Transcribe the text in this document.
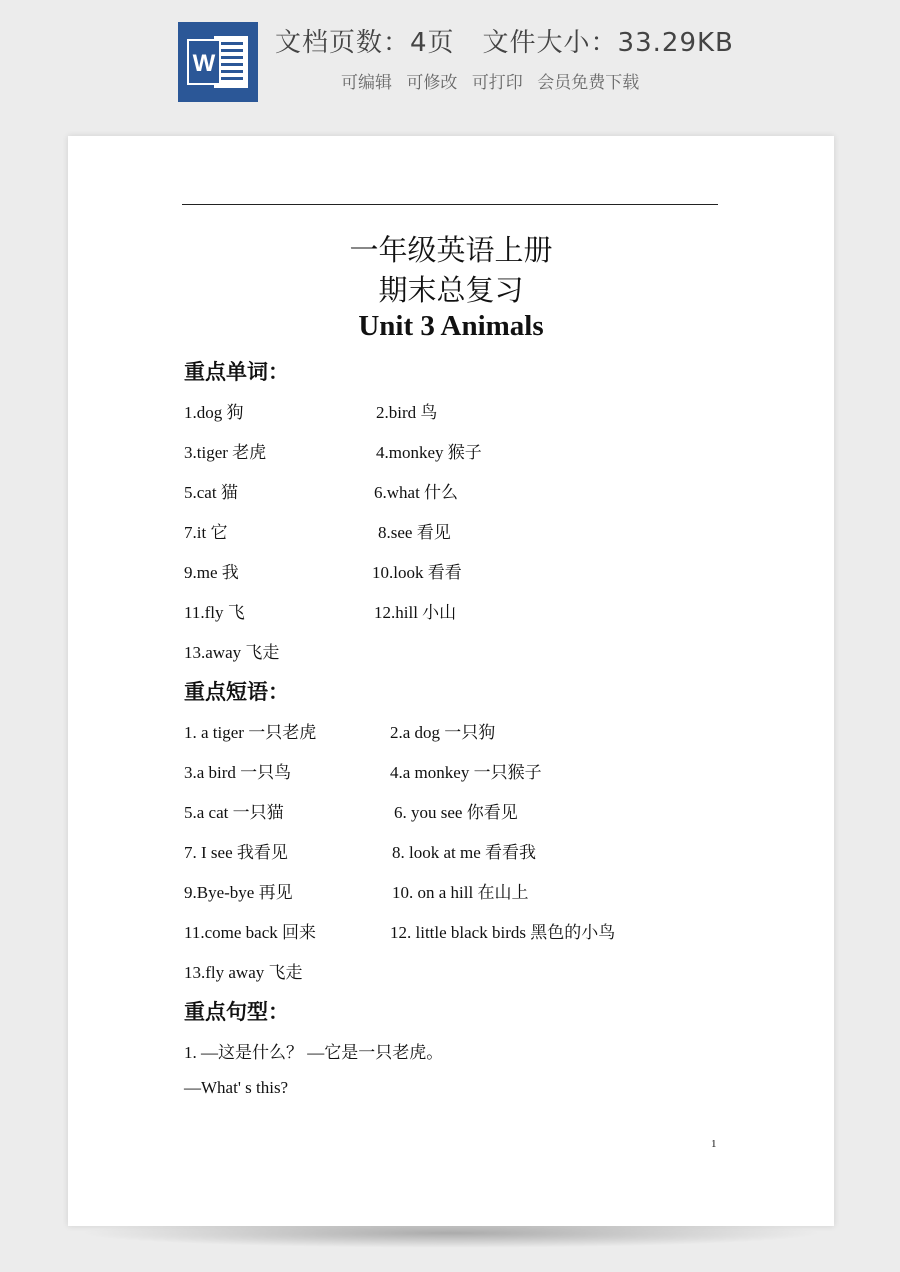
W
文档页数：4页 文件大小：33.29KB
可编辑 可修改 可打印 会员免费下载
一年级英语上册
期末总复习
Unit 3 Animals
重点单词：
1.dog 狗	2.bird 鸟
3.tiger 老虎	4.monkey 猴子
5.cat 猫	6.what 什么
7.it 它	8.see 看见
9.me 我	10.look 看看
11.fly 飞	12.hill 小山
13.away 飞走
重点短语：
1. a tiger 一只老虎	2.a dog 一只狗
3.a bird 一只鸟	4.a monkey 一只猴子
5.a cat 一只猫	6. you see 你看见
7. I see 我看见	8. look at me 看看我
9.Bye-bye 再见	10. on a hill 在山上
11.come back 回来	12. little black birds 黑色的小鸟
13.fly away 飞走
重点句型：
1. —这是什么？ —它是一只老虎。
—What' s this?
1
